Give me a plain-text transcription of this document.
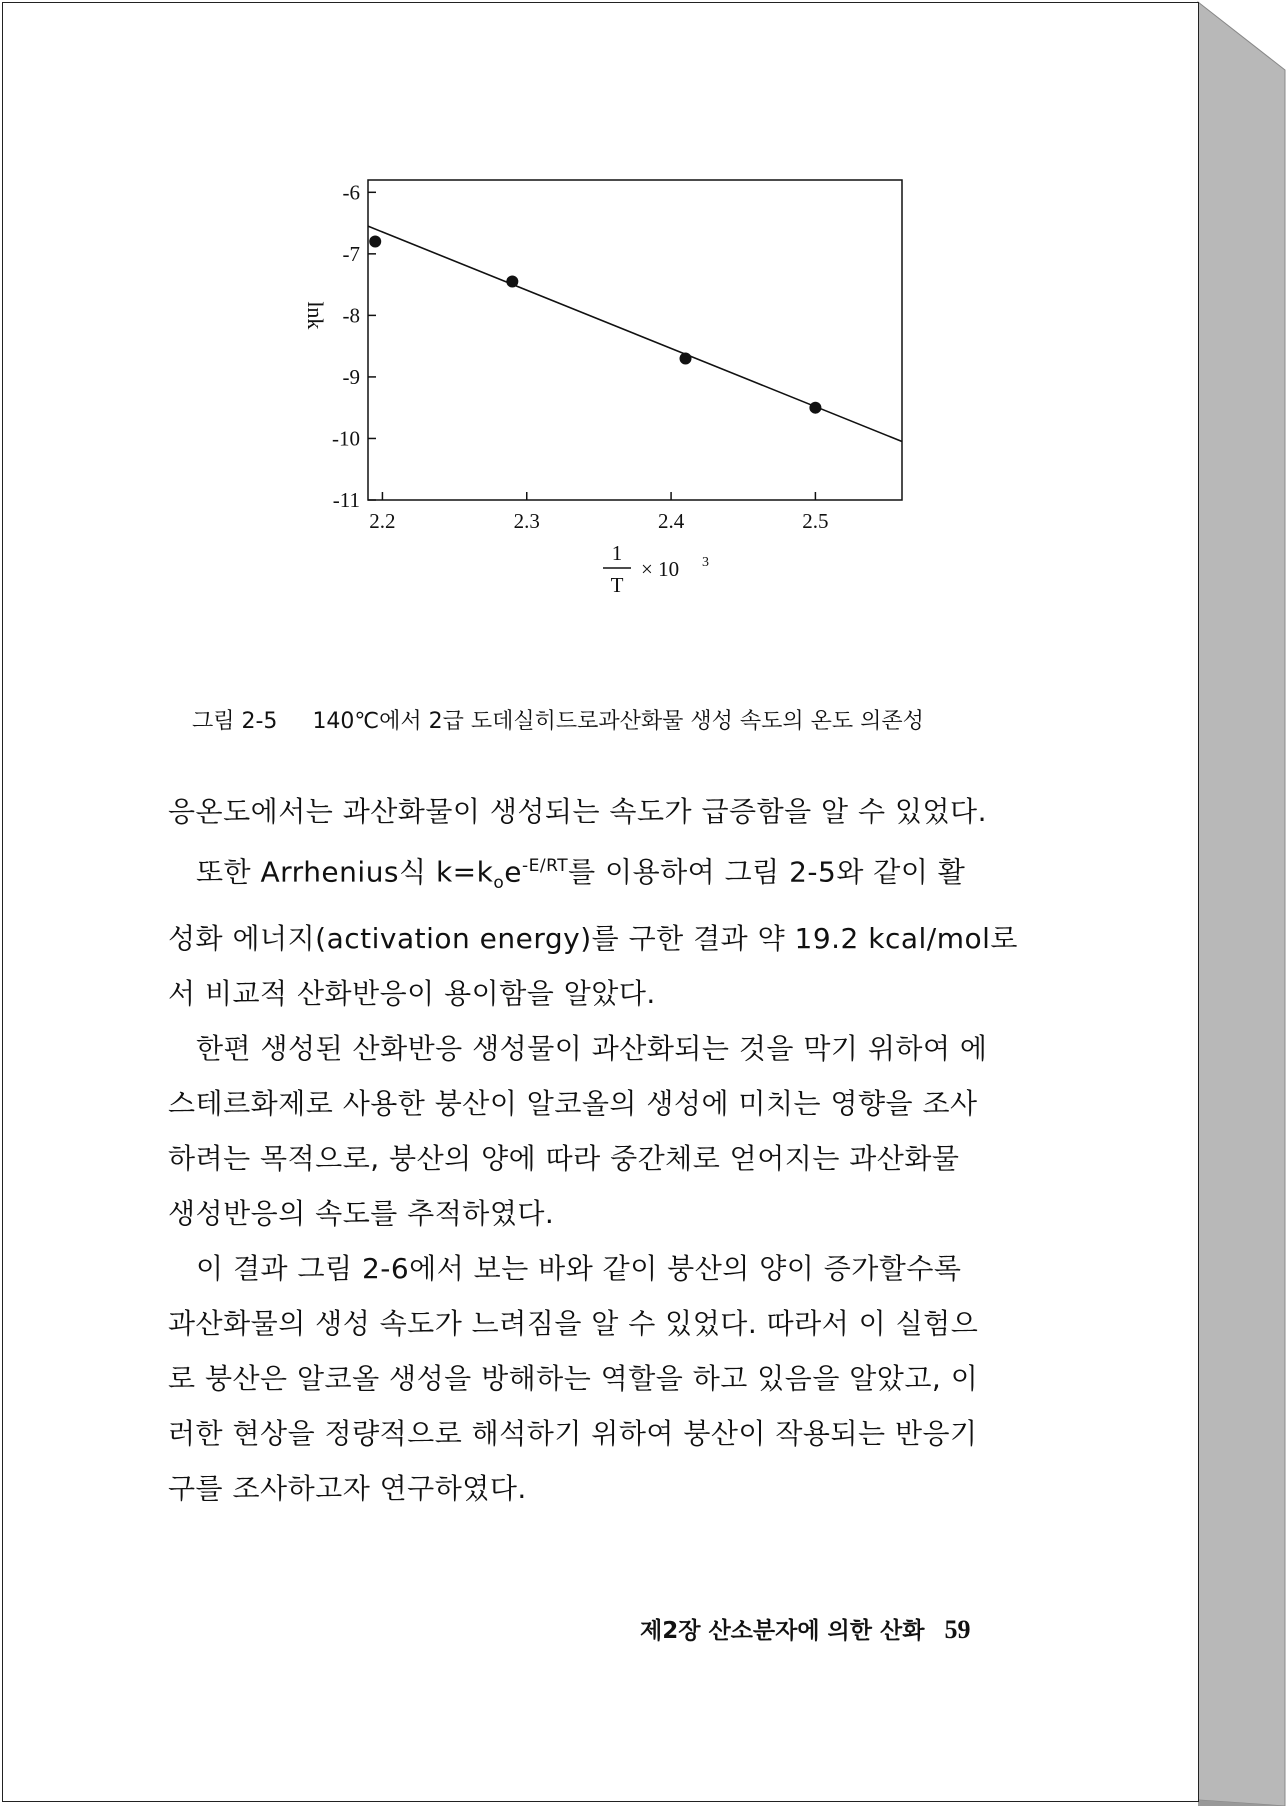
-6
-7
-8
-9
-10
-11
2.2	2.3	2.4	2.5
lnk
1
T
× 10 3
그림 2-5 140℃에서 2급 도데실히드로과산화물 생성 속도의 온도 의존성

응온도에서는 과산화물이 생성되는 속도가 급증함을 알 수 있었다.

또한 Arrhenius식 $k=k_oe^{-E/RT}$를 이용하여 그림 2-5와 같이 활
성화 에너지(activation energy)를 구한 결과 약 19.2 kcal/mol로
서 비교적 산화반응이 용이함을 알았다.

한편 생성된 산화반응 생성물이 과산화되는 것을 막기 위하여 에
스테르화제로 사용한 붕산이 알코올의 생성에 미치는 영향을 조사
하려는 목적으로, 붕산의 양에 따라 중간체로 얻어지는 과산화물
생성반응의 속도를 추적하였다.

이 결과 그림 2-6에서 보는 바와 같이 붕산의 양이 증가할수록
과산화물의 생성 속도가 느려짐을 알 수 있었다. 따라서 이 실험으
로 붕산은 알코올 생성을 방해하는 역할을 하고 있음을 알았고, 이
러한 현상을 정량적으로 해석하기 위하여 붕산이 작용되는 반응기
구를 조사하고자 연구하였다.

제2장 산소분자에 의한 산화 59
